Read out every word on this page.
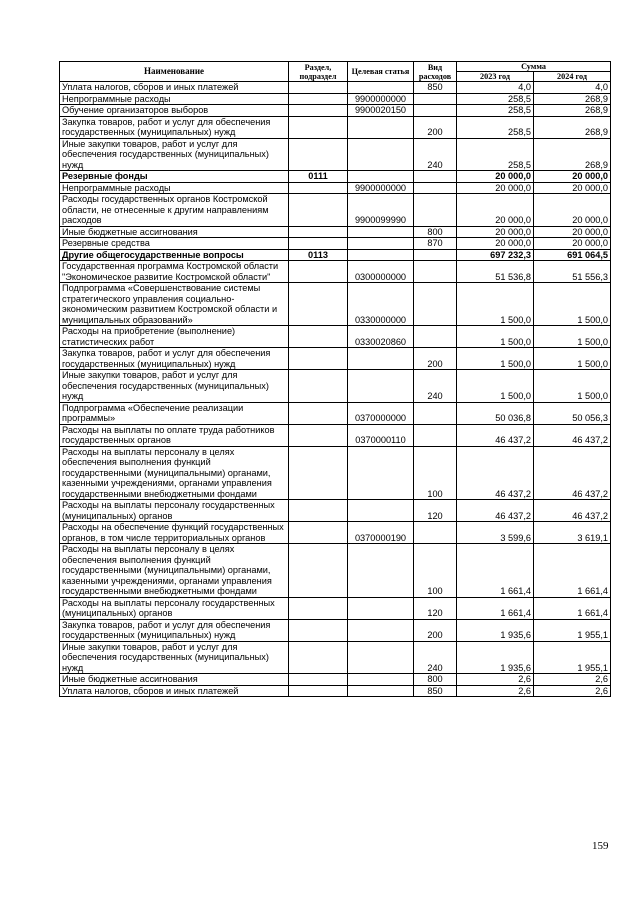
Наименование	Раздел, подраздел	Целевая статья	Вид расходов	Сумма	
				2023 год	2024 год
Уплата налогов, сборов и иных платежей			850	4,0	4,0
Непрограммные расходы		9900000000		258,5	268,9
Обучение организаторов выборов		9900020150		258,5	268,9
Закупка товаров, работ и услуг для обеспечения государственных (муниципальных) нужд			200	258,5	268,9
Иные закупки товаров, работ и услуг для обеспечения государственных (муниципальных) нужд			240	258,5	268,9
Резервные фонды	0111			20 000,0	20 000,0
Непрограммные расходы		9900000000		20 000,0	20 000,0
Расходы государственных органов Костромской области, не отнесенные к другим направлениям расходов		9900099990		20 000,0	20 000,0
Иные бюджетные ассигнования			800	20 000,0	20 000,0
Резервные средства			870	20 000,0	20 000,0
Другие общегосударственные вопросы	0113			697 232,3	691 064,5
Государственная программа Костромской области "Экономическое развитие Костромской области"		0300000000		51 536,8	51 556,3
Подпрограмма «Совершенствование системы стратегического управления социально-экономическим развитием Костромской области и муниципальных образований»		0330000000		1 500,0	1 500,0
Расходы на приобретение (выполнение) статистических работ		0330020860		1 500,0	1 500,0
Закупка товаров, работ и услуг для обеспечения государственных (муниципальных) нужд			200	1 500,0	1 500,0
Иные закупки товаров, работ и услуг для обеспечения государственных (муниципальных) нужд			240	1 500,0	1 500,0
Подпрограмма «Обеспечение реализации программы»		0370000000		50 036,8	50 056,3
Расходы на выплаты по оплате труда работников государственных органов		0370000110		46 437,2	46 437,2
Расходы на выплаты персоналу в целях обеспечения выполнения функций государственными (муниципальными) органами, казенными учреждениями, органами управления государственными внебюджетными фондами			100	46 437,2	46 437,2
Расходы на выплаты персоналу государственных (муниципальных) органов			120	46 437,2	46 437,2
Расходы на обеспечение функций государственных органов, в том числе территориальных органов		0370000190		3 599,6	3 619,1
Расходы на выплаты персоналу в целях обеспечения выполнения функций государственными (муниципальными) органами, казенными учреждениями, органами управления государственными внебюджетными фондами			100	1 661,4	1 661,4
Расходы на выплаты персоналу государственных (муниципальных) органов			120	1 661,4	1 661,4
Закупка товаров, работ и услуг для обеспечения государственных (муниципальных) нужд			200	1 935,6	1 955,1
Иные закупки товаров, работ и услуг для обеспечения государственных (муниципальных) нужд			240	1 935,6	1 955,1
Иные бюджетные ассигнования			800	2,6	2,6
Уплата налогов, сборов и иных платежей			850	2,6	2,6
159
